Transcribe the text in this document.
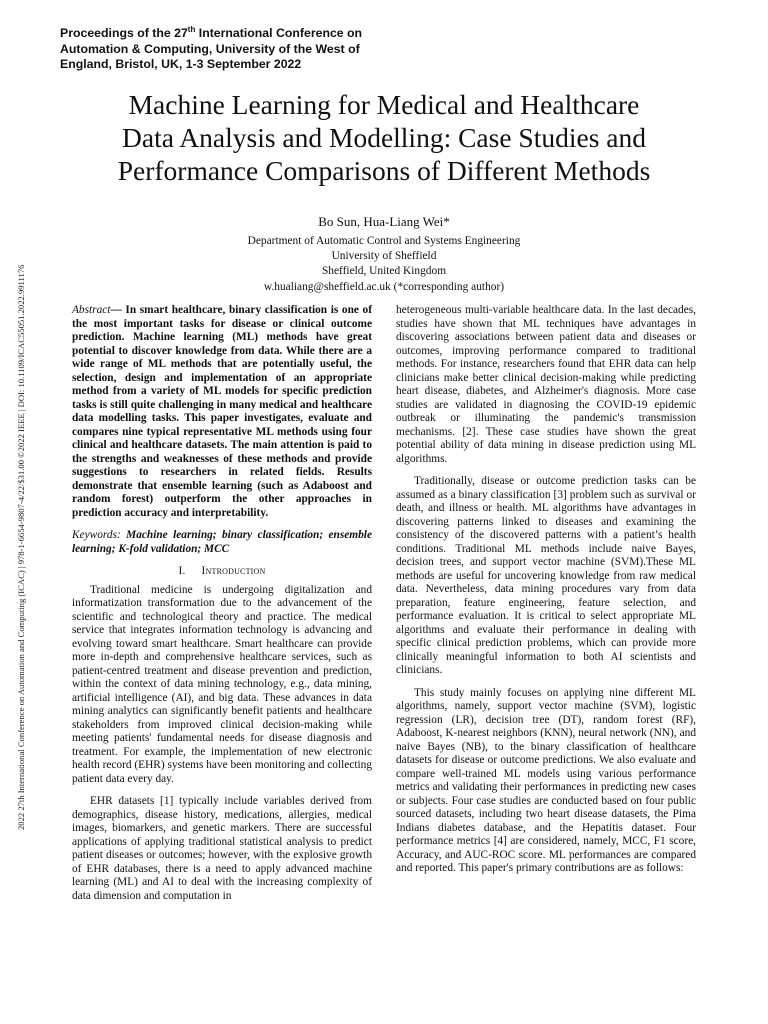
2022 27th International Conference on Automation and Computing (ICAC) | 978-1-6654-9807-4/22/$31.00 ©2022 IEEE | DOI: 10.1109/ICAC55051.2022.9911176
Proceedings of the 27th International Conference on
Automation & Computing, University of the West of
England, Bristol, UK, 1-3 September 2022
Machine Learning for Medical and Healthcare
Data Analysis and Modelling: Case Studies and
Performance Comparisons of Different Methods
Bo Sun, Hua-Liang Wei*
Department of Automatic Control and Systems Engineering
University of Sheffield
Sheffield, United Kingdom
w.hualiang@sheffield.ac.uk (*corresponding author)

Abstract— In smart healthcare, binary classification is one of the most important tasks for disease or clinical outcome prediction. Machine learning (ML) methods have great potential to discover knowledge from data. While there are a wide range of ML methods that are potentially useful, the selection, design and implementation of an appropriate method from a variety of ML models for specific prediction tasks is still quite challenging in many medical and healthcare data modelling tasks. This paper investigates, evaluate and compares nine typical representative ML methods using four clinical and healthcare datasets. The main attention is paid to the strengths and weaknesses of these methods and provide suggestions to researchers in related fields. Results demonstrate that ensemble learning (such as Adaboost and random forest) outperform the other approaches in prediction accuracy and interpretability.

Keywords: Machine learning; binary classification; ensemble learning; K-fold validation; MCC

I. Introduction

Traditional medicine is undergoing digitalization and informatization transformation due to the advancement of the scientific and technological theory and practice. The medical service that integrates information technology is advancing and evolving toward smart healthcare. Smart healthcare can provide more in-depth and comprehensive healthcare services, such as patient-centred treatment and disease prevention and prediction, within the context of data mining technology, e.g., data mining, artificial intelligence (AI), and big data. These advances in data mining analytics can significantly benefit patients and healthcare stakeholders from improved clinical decision-making while meeting patients' fundamental needs for disease diagnosis and treatment. For example, the implementation of new electronic health record (EHR) systems have been monitoring and collecting patient data every day.

EHR datasets [1] typically include variables derived from demographics, disease history, medications, allergies, medical images, biomarkers, and genetic markers. There are successful applications of applying traditional statistical analysis to predict patient diseases or outcomes; however, with the explosive growth of EHR databases, there is a need to apply advanced machine learning (ML) and AI to deal with the increasing complexity of data dimension and computation in

heterogeneous multi-variable healthcare data. In the last decades, studies have shown that ML techniques have advantages in discovering associations between patient data and diseases or outcomes, improving performance compared to traditional methods. For instance, researchers found that EHR data can help clinicians make better clinical decision-making while predicting heart disease, diabetes, and Alzheimer's diagnosis. More case studies are validated in diagnosing the COVID-19 epidemic outbreak or illuminating the pandemic's transmission mechanisms. [2]. These case studies have shown the great potential ability of data mining in disease prediction using ML algorithms.

Traditionally, disease or outcome prediction tasks can be assumed as a binary classification [3] problem such as survival or death, and illness or health. ML algorithms have advantages in discovering patterns linked to diseases and examining the consistency of the discovered patterns with a patient’s health conditions. Traditional ML methods include naive Bayes, decision trees, and support vector machine (SVM).These ML methods are useful for uncovering knowledge from raw medical data. Nevertheless, data mining procedures vary from data preparation, feature engineering, feature selection, and performance evaluation. It is critical to select appropriate ML algorithms and evaluate their performance in dealing with specific clinical prediction problems, which can provide more clinically meaningful information to both AI scientists and clinicians.

This study mainly focuses on applying nine different ML algorithms, namely, support vector machine (SVM), logistic regression (LR), decision tree (DT), random forest (RF), Adaboost, K-nearest neighbors (KNN), neural network (NN), and naive Bayes (NB), to the binary classification of healthcare datasets for disease or outcome predictions. We also evaluate and compare well-trained ML models using various performance metrics and validating their performances in predicting new cases or subjects. Four case studies are conducted based on four public sourced datasets, including two heart disease datasets, the Pima Indians diabetes database, and the Hepatitis dataset. Four performance metrics [4] are considered, namely, MCC, F1 score, Accuracy, and AUC-ROC score. ML performances are compared and reported. This paper's primary contributions are as follows:
